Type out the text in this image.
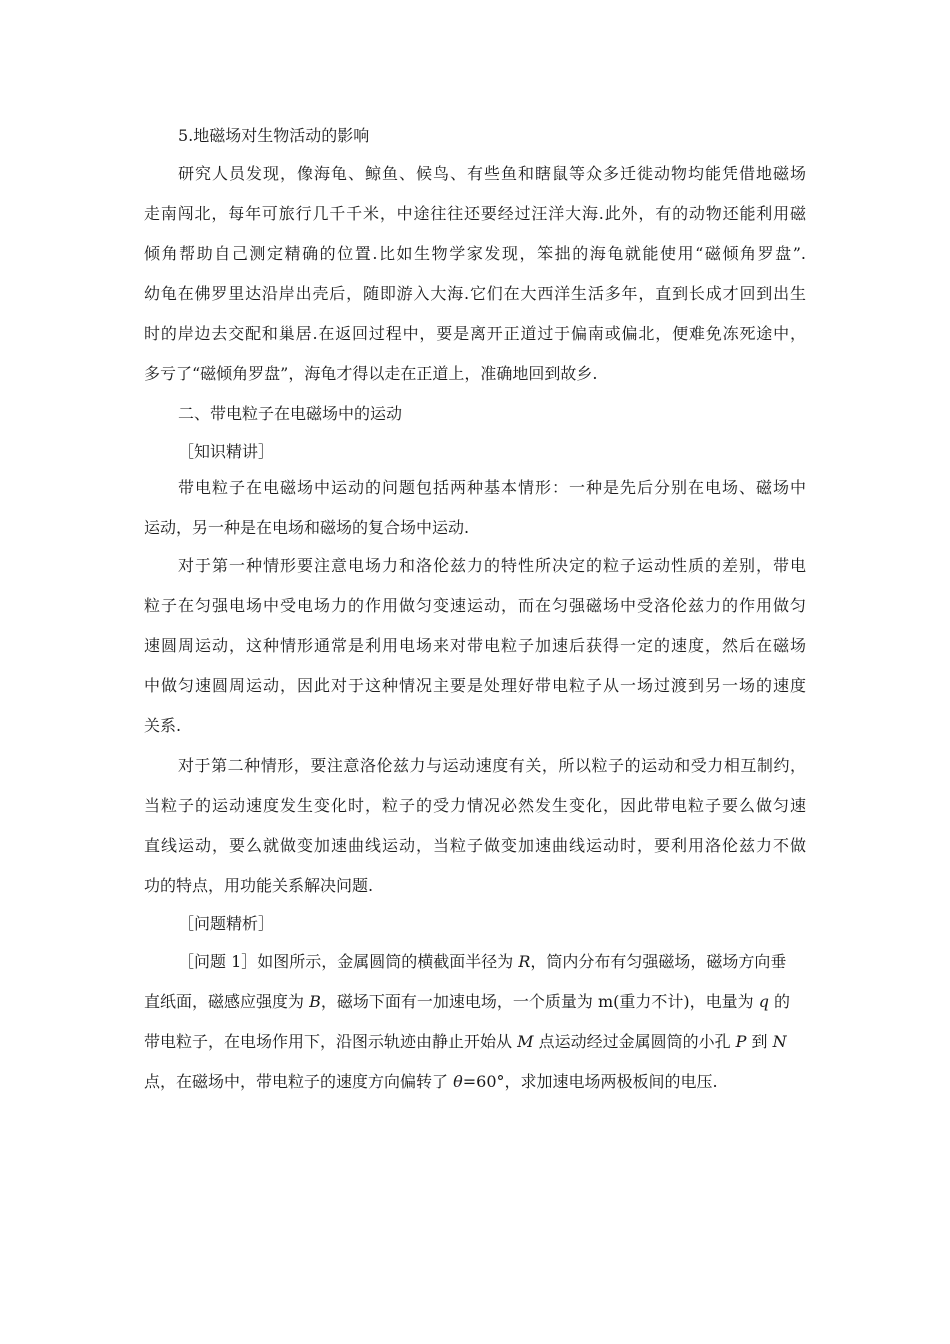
5.地磁场对生物活动的影响
研究人员发现，像海龟、鲸鱼、候鸟、有些鱼和瞎鼠等众多迁徙动物均能凭借地磁场
走南闯北，每年可旅行几千千米，中途往往还要经过汪洋大海.此外，有的动物还能利用磁
倾角帮助自己测定精确的位置.比如生物学家发现，笨拙的海龟就能使用“磁倾角罗盘”.
幼龟在佛罗里达沿岸出壳后，随即游入大海.它们在大西洋生活多年，直到长成才回到出生
时的岸边去交配和巢居.在返回过程中，要是离开正道过于偏南或偏北，便难免冻死途中，
多亏了“磁倾角罗盘”，海龟才得以走在正道上，准确地回到故乡.
二、带电粒子在电磁场中的运动
［知识精讲］
带电粒子在电磁场中运动的问题包括两种基本情形：一种是先后分别在电场、磁场中
运动，另一种是在电场和磁场的复合场中运动.
对于第一种情形要注意电场力和洛伦兹力的特性所决定的粒子运动性质的差别，带电
粒子在匀强电场中受电场力的作用做匀变速运动，而在匀强磁场中受洛伦兹力的作用做匀
速圆周运动，这种情形通常是利用电场来对带电粒子加速后获得一定的速度，然后在磁场
中做匀速圆周运动，因此对于这种情况主要是处理好带电粒子从一场过渡到另一场的速度
关系.
对于第二种情形，要注意洛伦兹力与运动速度有关，所以粒子的运动和受力相互制约，
当粒子的运动速度发生变化时，粒子的受力情况必然发生变化，因此带电粒子要么做匀速
直线运动，要么就做变加速曲线运动，当粒子做变加速曲线运动时，要利用洛伦兹力不做
功的特点，用功能关系解决问题.
［问题精析］
［问题 1］如图所示，金属圆筒的横截面半径为 R，筒内分布有匀强磁场，磁场方向垂
直纸面，磁感应强度为 B，磁场下面有一加速电场，一个质量为 m(重力不计)，电量为 q 的
带电粒子，在电场作用下，沿图示轨迹由静止开始从 M 点运动经过金属圆筒的小孔 P 到 N
点，在磁场中，带电粒子的速度方向偏转了 θ=60°，求加速电场两极板间的电压.
